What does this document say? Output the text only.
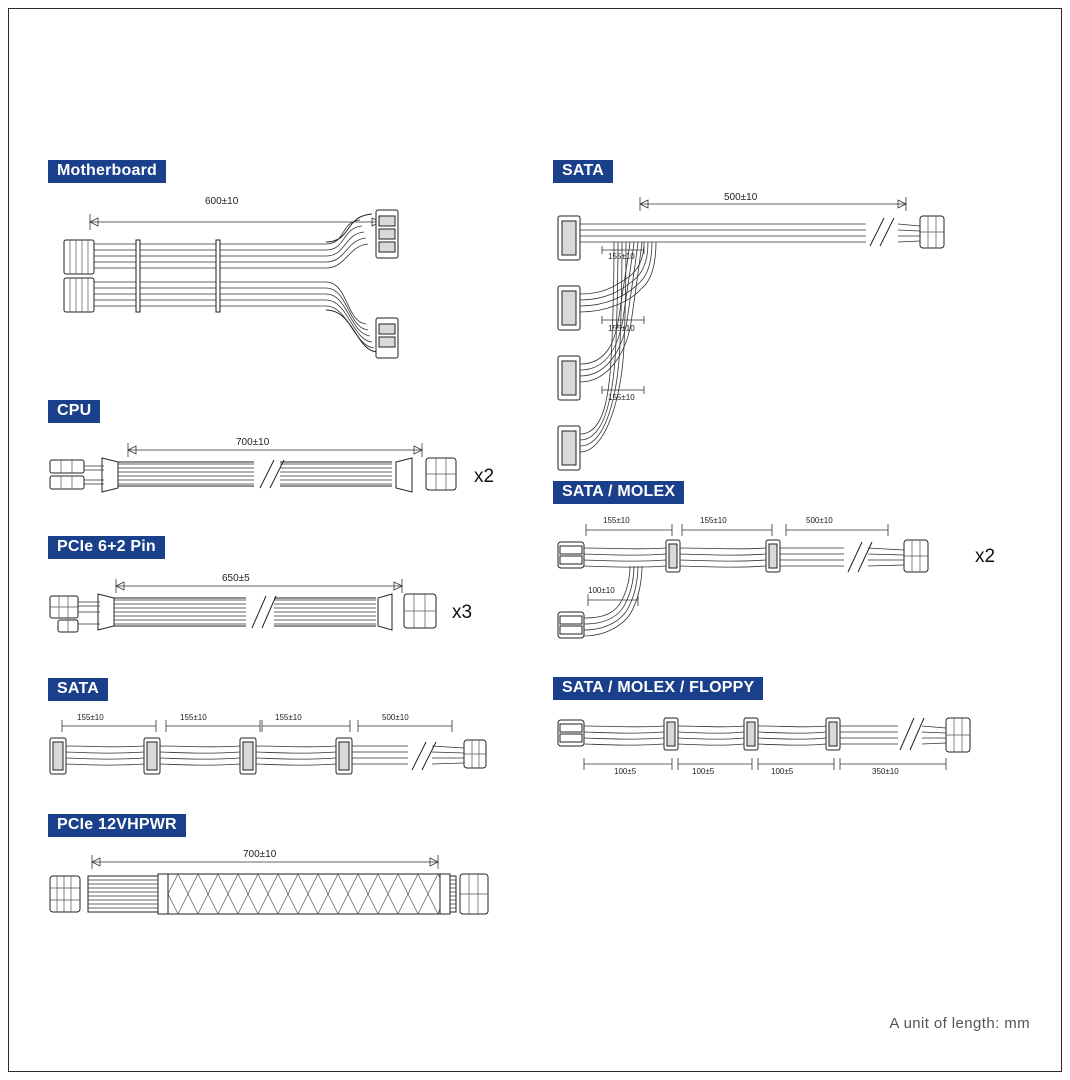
Motherboard
600±10
CPU
700±10
x2
PCIe 6+2 Pin
650±5
x3
SATA
155±10	155±10	155±10	500±10
PCIe 12VHPWR
700±10
SATA
500±10
155±10
155±10
155±10
SATA / MOLEX
155±10	155±10	500±10
100±10
x2
SATA / MOLEX / FLOPPY
100±5	100±5	100±5	350±10
A unit of length: mm
